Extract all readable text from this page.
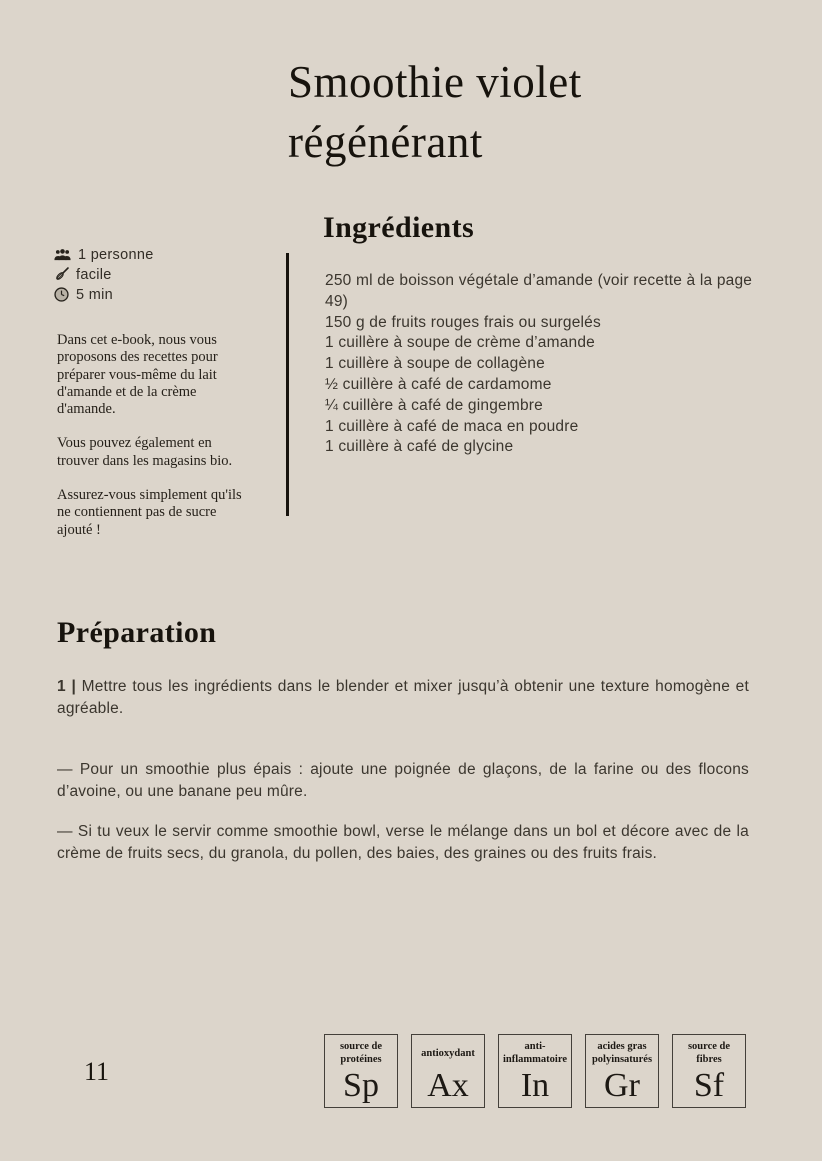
Smoothie violet
régénérant
1 personne
facile
5 min

Dans cet e-book, nous vous proposons des recettes pour préparer vous-même du lait d'amande et de la crème d'amande.

Vous pouvez également en trouver dans les magasins bio.

Assurez-vous simplement qu'ils ne contiennent pas de sucre ajouté !

Ingrédients
250 ml de boisson végétale d’amande (voir recette à la page 49)
150 g de fruits rouges frais ou surgelés
1 cuillère à soupe de crème d’amande
1 cuillère à soupe de collagène
½ cuillère à café de cardamome
¼ cuillère à café de gingembre
1 cuillère à café de maca en poudre
1 cuillère à café de glycine
Préparation

1 | Mettre tous les ingrédients dans le blender et mixer jusqu’à obtenir une texture homogène et agréable.

— Pour un smoothie plus épais : ajoute une poignée de glaçons, de la farine ou des flocons d’avoine, ou une banane peu mûre.

— Si tu veux le servir comme smoothie bowl, verse le mélange dans un bol et décore avec de la crème de fruits secs, du granola, du pollen, des baies, des graines ou des fruits frais.

source de protéines
Sp
antioxydant
Ax
anti-inflammatoire
In
acides gras polyinsaturés
Gr
source de fibres
Sf
11
